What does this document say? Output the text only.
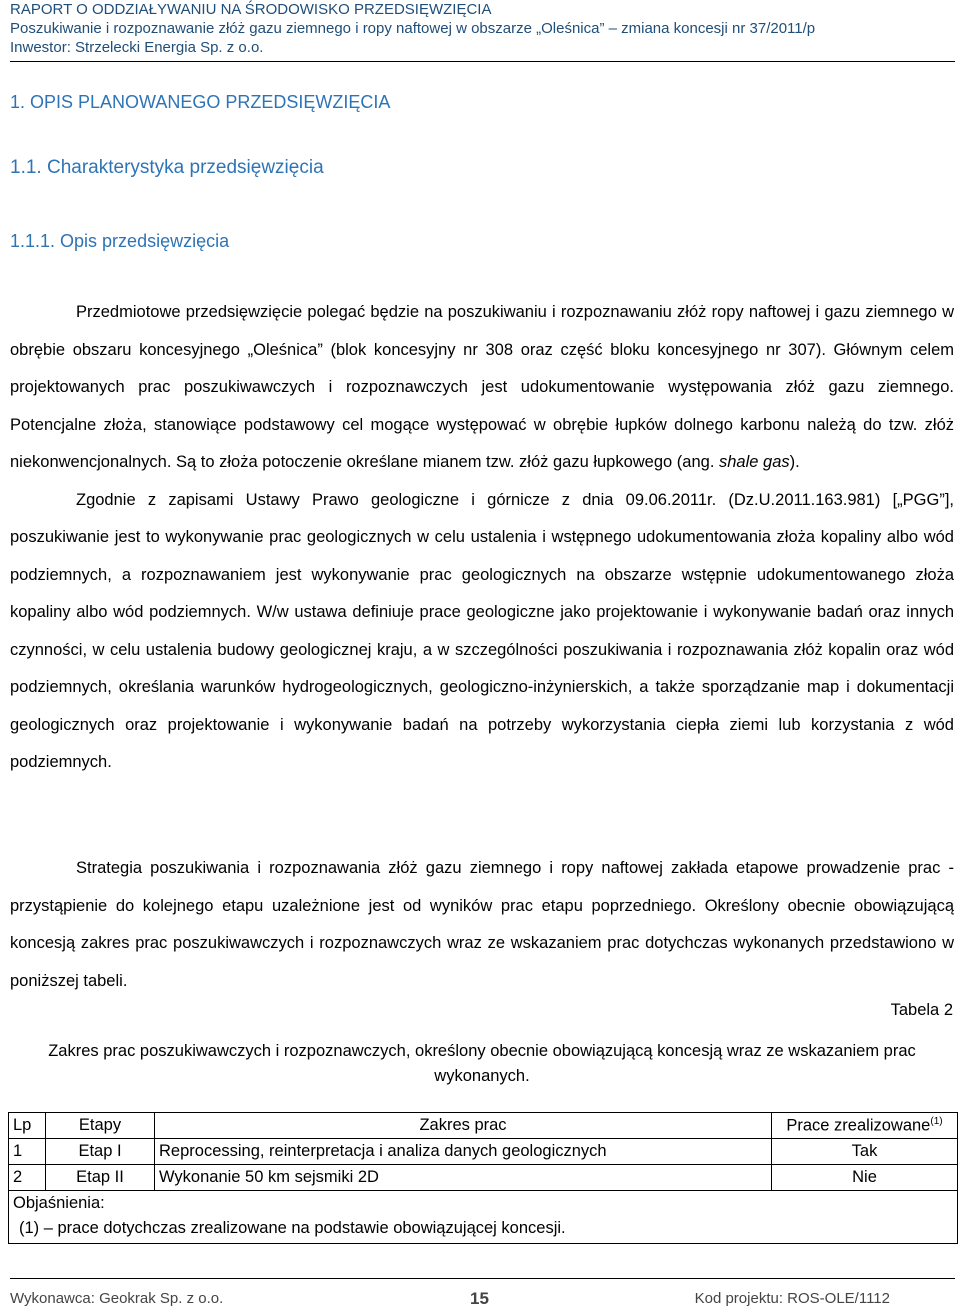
RAPORT O ODDZIAŁYWANIU NA ŚRODOWISKO PRZEDSIĘWZIĘCIA
Poszukiwanie i rozpoznawanie złóż gazu ziemnego i ropy naftowej w obszarze „Oleśnica” – zmiana koncesji nr 37/2011/p
Inwestor: Strzelecki Energia Sp. z o.o.
1. OPIS PLANOWANEGO PRZEDSIĘWZIĘCIA
1.1. Charakterystyka przedsięwzięcia
1.1.1. Opis przedsięwzięcia

Przedmiotowe przedsięwzięcie polegać będzie na poszukiwaniu i rozpoznawaniu złóż ropy naftowej i gazu ziemnego w obrębie obszaru koncesyjnego „Oleśnica” (blok koncesyjny nr 308 oraz część bloku koncesyjnego nr 307). Głównym celem projektowanych prac poszukiwawczych i rozpoznawczych jest udokumentowanie występowania złóż gazu ziemnego. Potencjalne złoża, stanowiące podstawowy cel mogące występować w obrębie łupków dolnego karbonu należą do tzw. złóż niekonwencjonalnych. Są to złoża potoczenie określane mianem tzw. złóż gazu łupkowego (ang. shale gas).

Zgodnie z zapisami Ustawy Prawo geologiczne i górnicze z dnia 09.06.2011r. (Dz.U.2011.163.981) [„PGG”], poszukiwanie jest to wykonywanie prac geologicznych w celu ustalenia i wstępnego udokumentowania złoża kopaliny albo wód podziemnych, a rozpoznawaniem jest wykonywanie prac geologicznych na obszarze wstępnie udokumentowanego złoża kopaliny albo wód podziemnych. W/w ustawa definiuje prace geologiczne jako projektowanie i wykonywanie badań oraz innych czynności, w celu ustalenia budowy geologicznej kraju, a w szczególności poszukiwania i rozpoznawania złóż kopalin oraz wód podziemnych, określania warunków hydrogeologicznych, geologiczno-inżynierskich, a także sporządzanie map i dokumentacji geologicznych oraz projektowanie i wykonywanie badań na potrzeby wykorzystania ciepła ziemi lub korzystania z wód podziemnych.

Strategia poszukiwania i rozpoznawania złóż gazu ziemnego i ropy naftowej zakłada etapowe prowadzenie prac - przystąpienie do kolejnego etapu uzależnione jest od wyników prac etapu poprzedniego. Określony obecnie obowiązującą koncesją zakres prac poszukiwawczych i rozpoznawczych wraz ze wskazaniem prac dotychczas wykonanych przedstawiono w poniższej tabeli.

Tabela 2
Zakres prac poszukiwawczych i rozpoznawczych, określony obecnie obowiązującą koncesją wraz ze wskazaniem prac wykonanych.
Lp	Etapy	Zakres prac	Prace zrealizowane$^{(1)}$
1	Etap I	Reprocessing, reinterpretacja i analiza danych geologicznych	Tak
2	Etap II	Wykonanie 50 km sejsmiki 2D	Nie

Objaśnienia:
(1) – prace dotychczas zrealizowane na podstawie obowiązującej koncesji.			
Wykonawca: Geokrak Sp. z o.o.	15	Kod projektu: ROS-OLE/1112
